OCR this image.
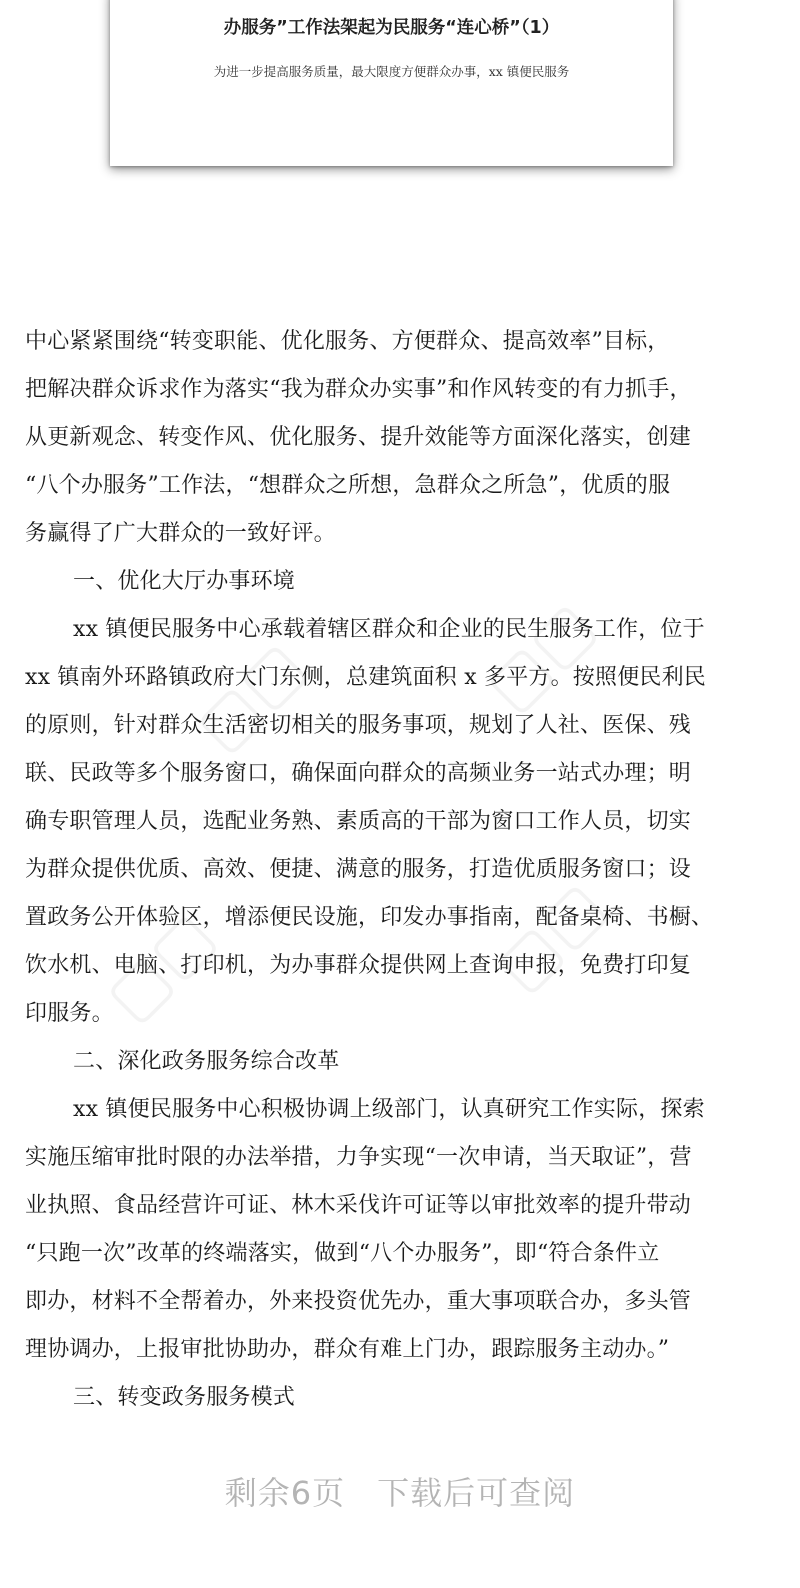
办服务”工作法架起为民服务“连心桥”（1）
为进一步提高服务质量，最大限度方便群众办事，xx 镇便民服务
▢▢ ▢▢
▢▢	▢▢
中心紧紧围绕“转变职能、优化服务、方便群众、提高效率”目标，
把解决群众诉求作为落实“我为群众办实事”和作风转变的有力抓手，
从更新观念、转变作风、优化服务、提升效能等方面深化落实，创建
“八个办服务”工作法，“想群众之所想，急群众之所急”，优质的服
务赢得了广大群众的一致好评。
一、优化大厅办事环境
xx 镇便民服务中心承载着辖区群众和企业的民生服务工作，位于
xx 镇南外环路镇政府大门东侧，总建筑面积 x 多平方。按照便民利民
的原则，针对群众生活密切相关的服务事项，规划了人社、医保、残
联、民政等多个服务窗口，确保面向群众的高频业务一站式办理；明
确专职管理人员，选配业务熟、素质高的干部为窗口工作人员，切实
为群众提供优质、高效、便捷、满意的服务，打造优质服务窗口；设
置政务公开体验区，增添便民设施，印发办事指南，配备桌椅、书橱、
饮水机、电脑、打印机，为办事群众提供网上查询申报，免费打印复
印服务。
二、深化政务服务综合改革
xx 镇便民服务中心积极协调上级部门，认真研究工作实际，探索
实施压缩审批时限的办法举措，力争实现“一次申请，当天取证”，营
业执照、食品经营许可证、林木采伐许可证等以审批效率的提升带动
“只跑一次”改革的终端落实，做到“八个办服务”，即“符合条件立
即办，材料不全帮着办，外来投资优先办，重大事项联合办，多头管
理协调办，上报审批协助办，群众有难上门办，跟踪服务主动办。”
三、转变政务服务模式
剩余6页 下载后可查阅
